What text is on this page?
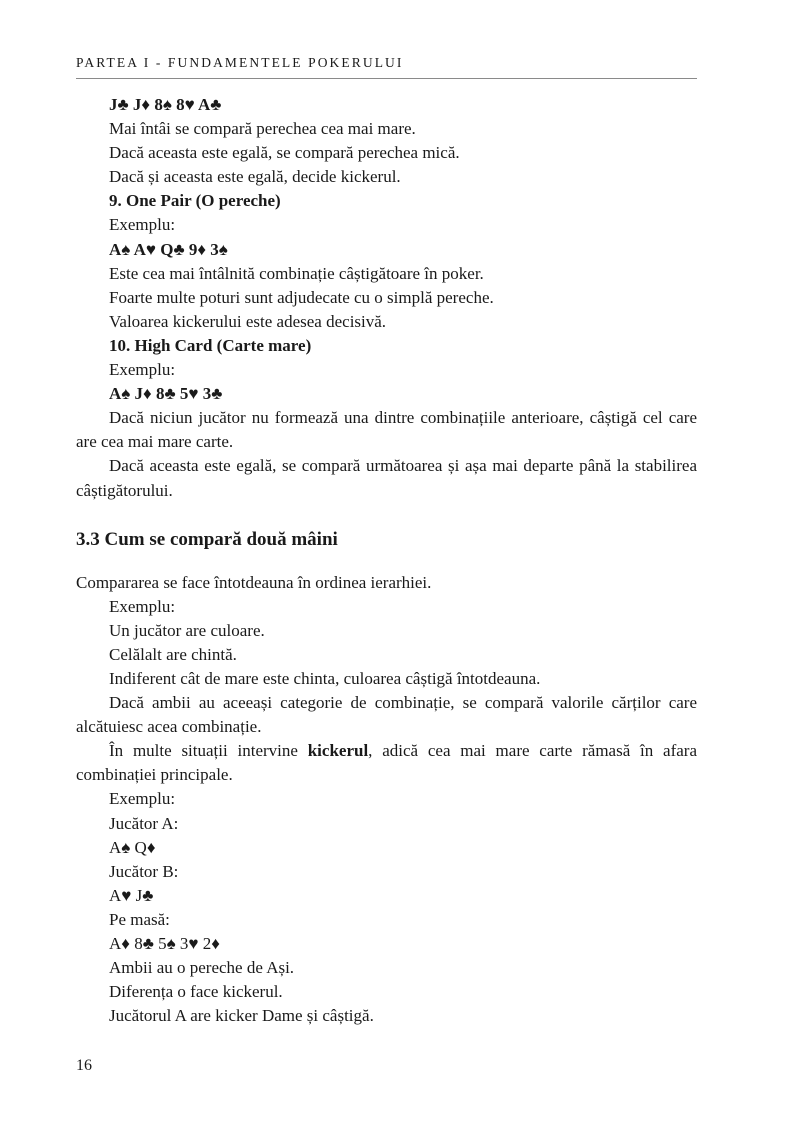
PARTEA I - FUNDAMENTELE POKERULUI

J♣ J♦ 8♠ 8♥ A♣

Mai întâi se compară perechea cea mai mare.

Dacă aceasta este egală, se compară perechea mică.

Dacă și aceasta este egală, decide kickerul.

9. One Pair (O pereche)

Exemplu:

A♠ A♥ Q♣ 9♦ 3♠

Este cea mai întâlnită combinație câștigătoare în poker.

Foarte multe poturi sunt adjudecate cu o simplă pereche.

Valoarea kickerului este adesea decisivă.

10. High Card (Carte mare)

Exemplu:

A♠ J♦ 8♣ 5♥ 3♣

Dacă niciun jucător nu formează una dintre combinațiile anterioare, câștigă cel care are cea mai mare carte.

Dacă aceasta este egală, se compară următoarea și așa mai departe până la stabilirea câștigătorului.

3.3 Cum se compară două mâini

Compararea se face întotdeauna în ordinea ierarhiei.

Exemplu:

Un jucător are culoare.

Celălalt are chintă.

Indiferent cât de mare este chinta, culoarea câștigă întotdeauna.

Dacă ambii au aceeași categorie de combinație, se compară valorile cărților care alcătuiesc acea combinație.

În multe situații intervine kickerul, adică cea mai mare carte rămasă în afara combinației principale.

Exemplu:

Jucător A:

A♠ Q♦

Jucător B:

A♥ J♣

Pe masă:

A♦ 8♣ 5♠ 3♥ 2♦

Ambii au o pereche de Ași.

Diferența o face kickerul.

Jucătorul A are kicker Dame și câștigă.

16
